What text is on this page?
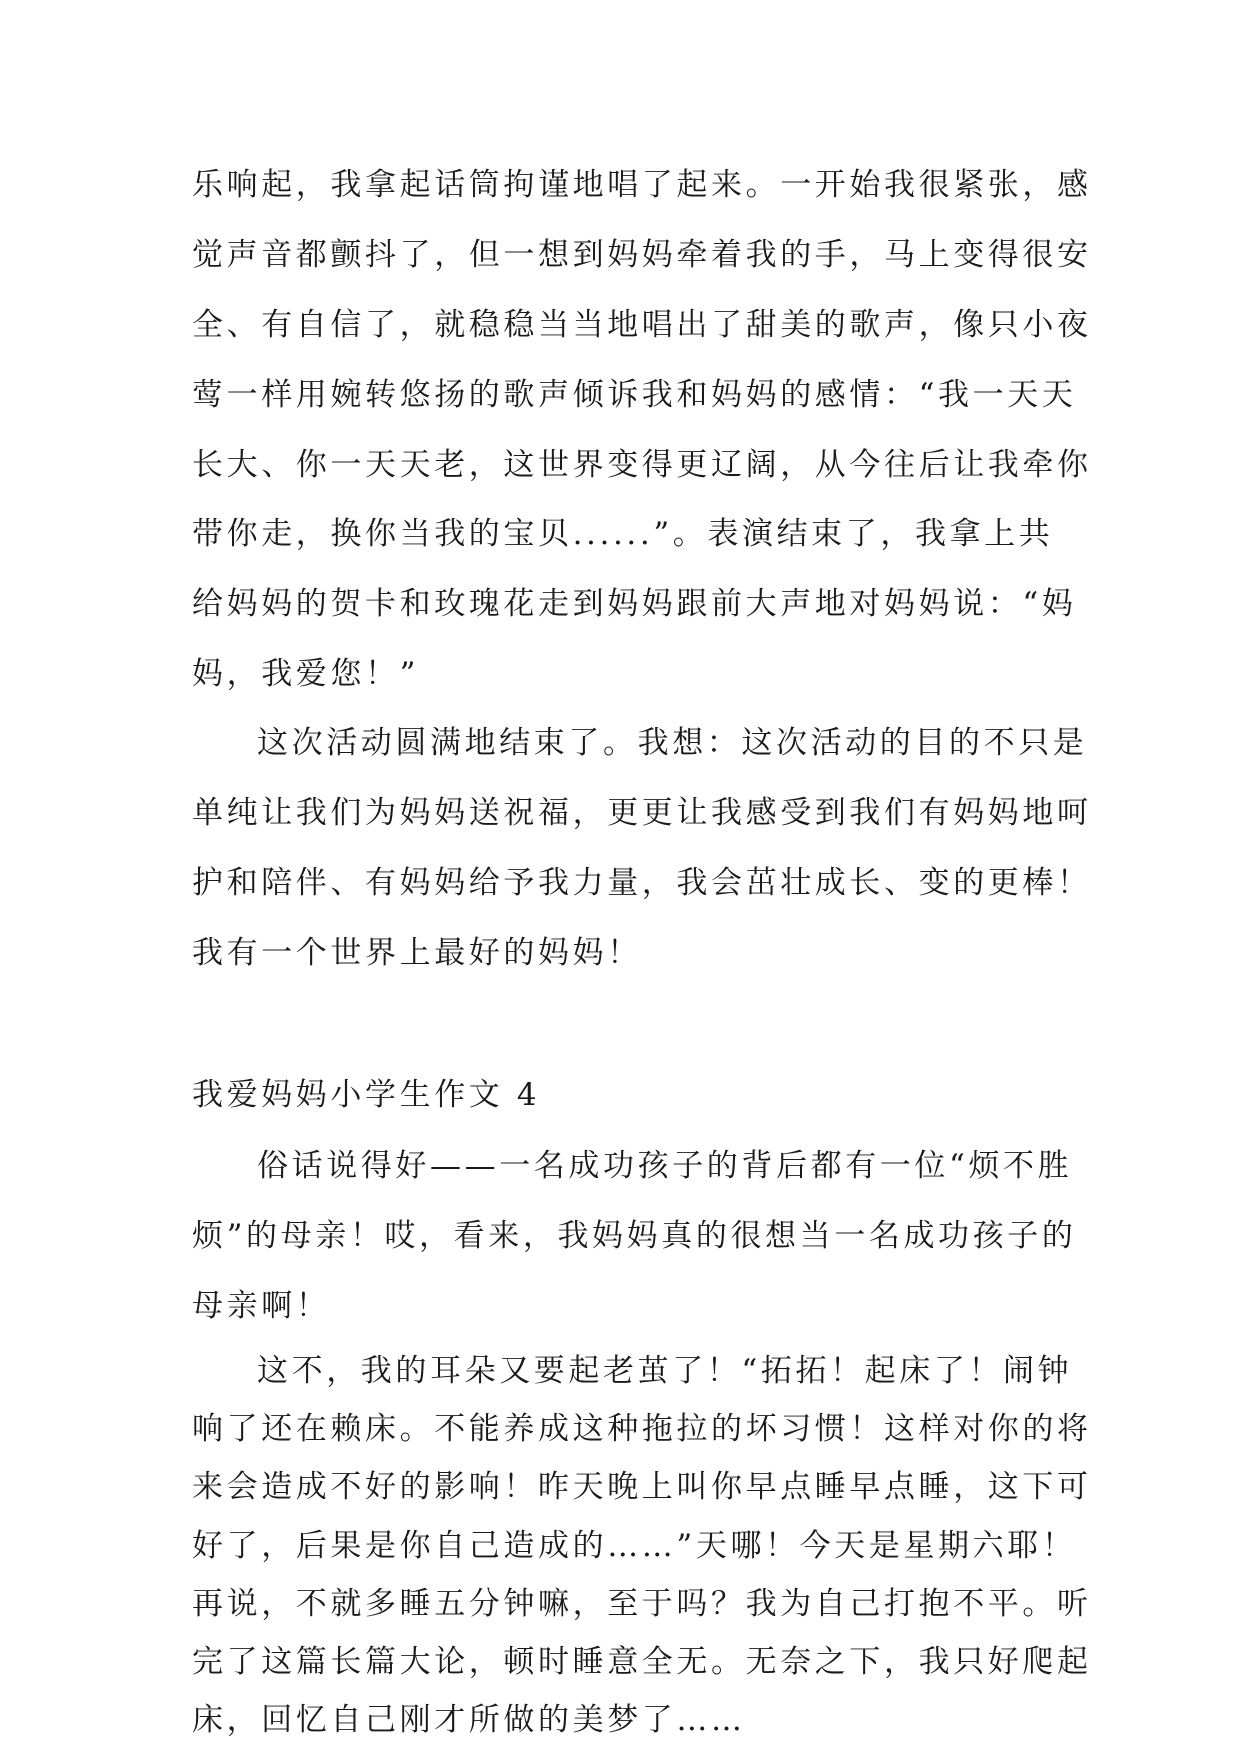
乐响起，我拿起话筒拘谨地唱了起来。一开始我很紧张，感
觉声音都颤抖了，但一想到妈妈牵着我的手，马上变得很安
全、有自信了，就稳稳当当地唱出了甜美的歌声，像只小夜
莺一样用婉转悠扬的歌声倾诉我和妈妈的感情：“我一天天
长大、你一天天老，这世界变得更辽阔，从今往后让我牵你
带你走，换你当我的宝贝......”。表演结束了，我拿上共
给妈妈的贺卡和玫瑰花走到妈妈跟前大声地对妈妈说：“妈
妈，我爱您！”
这次活动圆满地结束了。我想：这次活动的目的不只是
单纯让我们为妈妈送祝福，更更让我感受到我们有妈妈地呵
护和陪伴、有妈妈给予我力量，我会茁壮成长、变的更棒！
我有一个世界上最好的妈妈！
我爱妈妈小学生作文 4
俗话说得好——一名成功孩子的背后都有一位“烦不胜
烦”的母亲！哎，看来，我妈妈真的很想当一名成功孩子的
母亲啊！
这不，我的耳朵又要起老茧了！“拓拓！起床了！闹钟
响了还在赖床。不能养成这种拖拉的坏习惯！这样对你的将
来会造成不好的影响！昨天晚上叫你早点睡早点睡，这下可
好了，后果是你自己造成的……”天哪！今天是星期六耶！
再说，不就多睡五分钟嘛，至于吗？我为自己打抱不平。听
完了这篇长篇大论，顿时睡意全无。无奈之下，我只好爬起
床，回忆自己刚才所做的美梦了……
